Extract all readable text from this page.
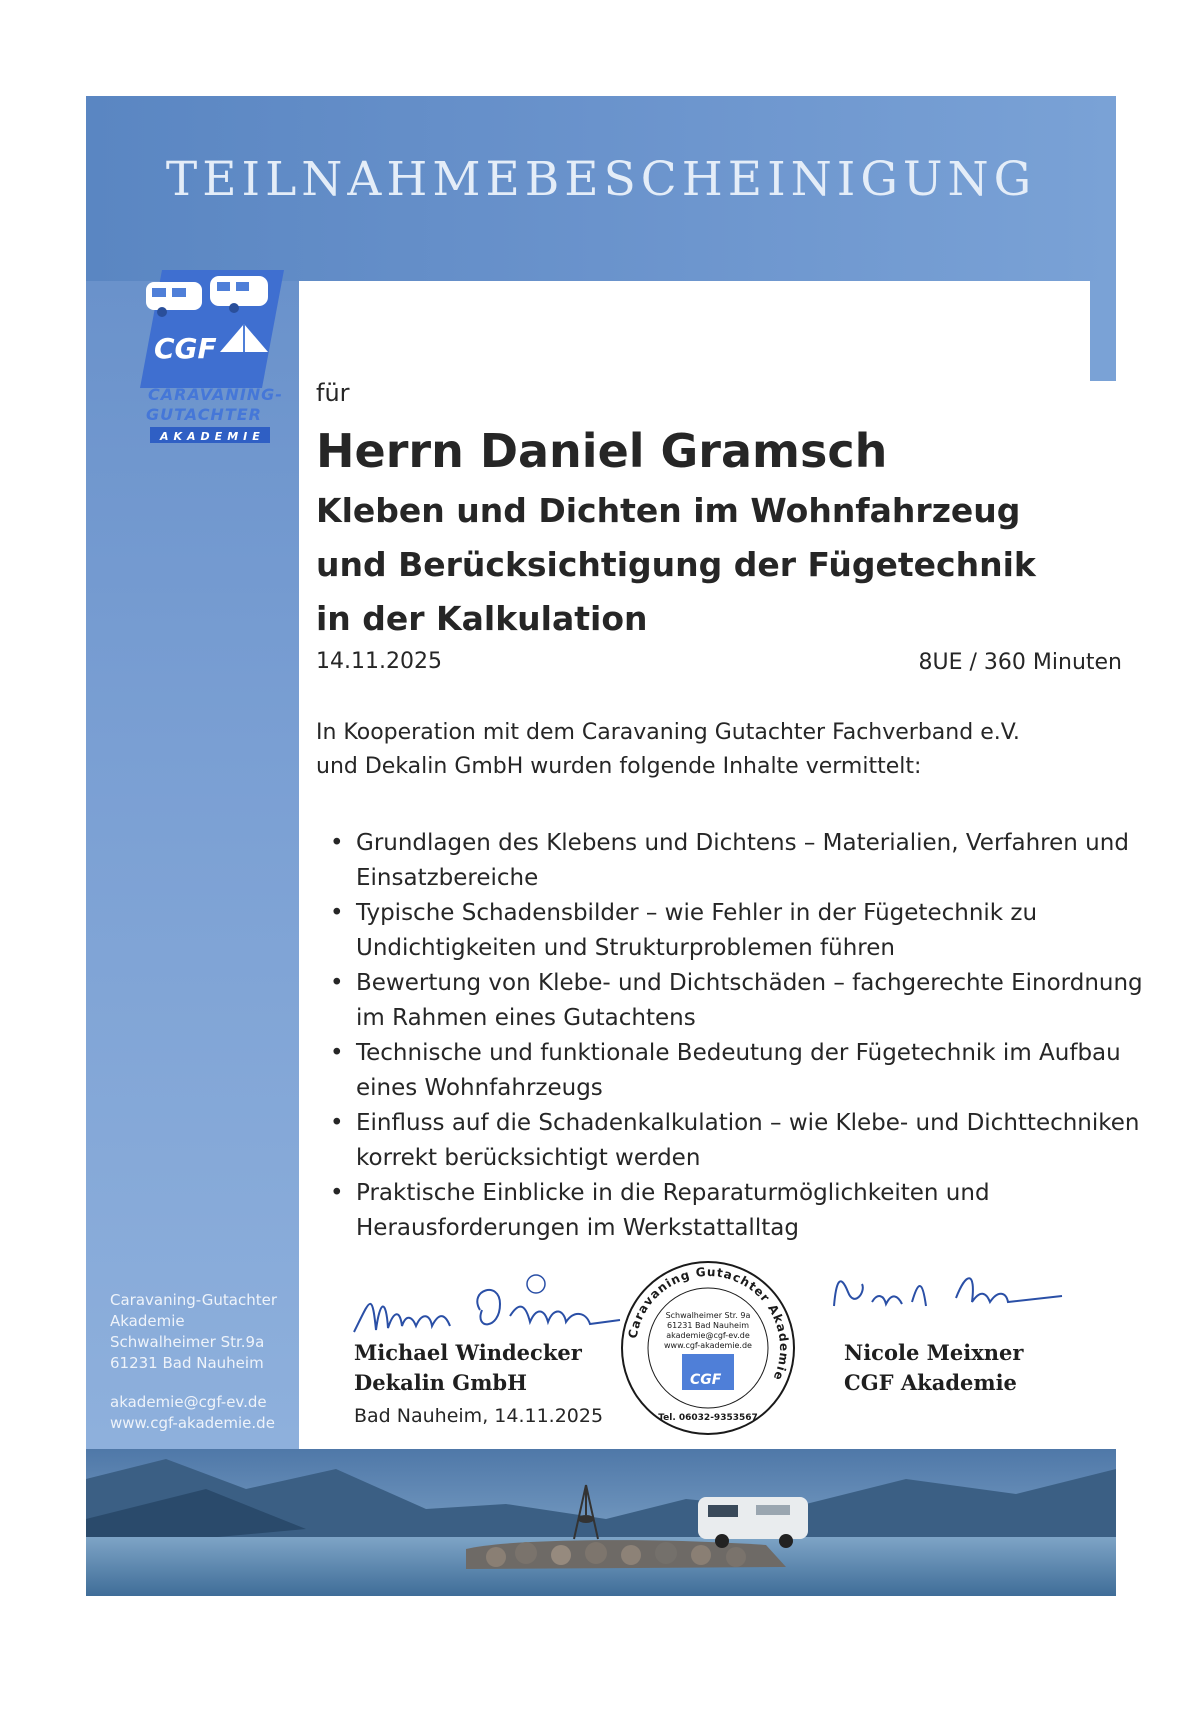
TEILNAHMEBESCHEINIGUNG
CGF
CARAVANING-
GUTACHTER
AKADEMIE
Caravaning-Gutachter
Akademie
Schwalheimer Str.9a
61231 Bad Nauheim
akademie@cgf-ev.de
www.cgf-akademie.de
für
Herrn Daniel Gramsch
Kleben und Dichten im Wohnfahrzeug
und Berücksichtigung der Fügetechnik
in der Kalkulation
14.11.2025	8UE / 360 Minuten
In Kooperation mit dem Caravaning Gutachter Fachverband e.V.
und Dekalin GmbH wurden folgende Inhalte vermittelt:
• Grundlagen des Klebens und Dichtens – Materialien, Verfahren und Einsatzbereiche
• Typische Schadensbilder – wie Fehler in der Fügetechnik zu Undichtigkeiten und Strukturproblemen führen
• Bewertung von Klebe- und Dichtschäden – fachgerechte Einordnung im Rahmen eines Gutachtens
• Technische und funktionale Bedeutung der Fügetechnik im Aufbau eines Wohnfahrzeugs
• Einfluss auf die Schadenkalkulation – wie Klebe- und Dichttechniken korrekt berücksichtigt werden
• Praktische Einblicke in die Reparaturmöglichkeiten und Herausforderungen im Werkstattalltag
Michael Windecker
Dekalin GmbH
Bad Nauheim, 14.11.2025
Nicole Meixner
CGF Akademie
Caravaning Gutachter Akademie
Schwalheimer Str. 9a
61231 Bad Nauheim
akademie@cgf-ev.de
www.cgf-akademie.de
CGF
Tel. 06032-9353567
